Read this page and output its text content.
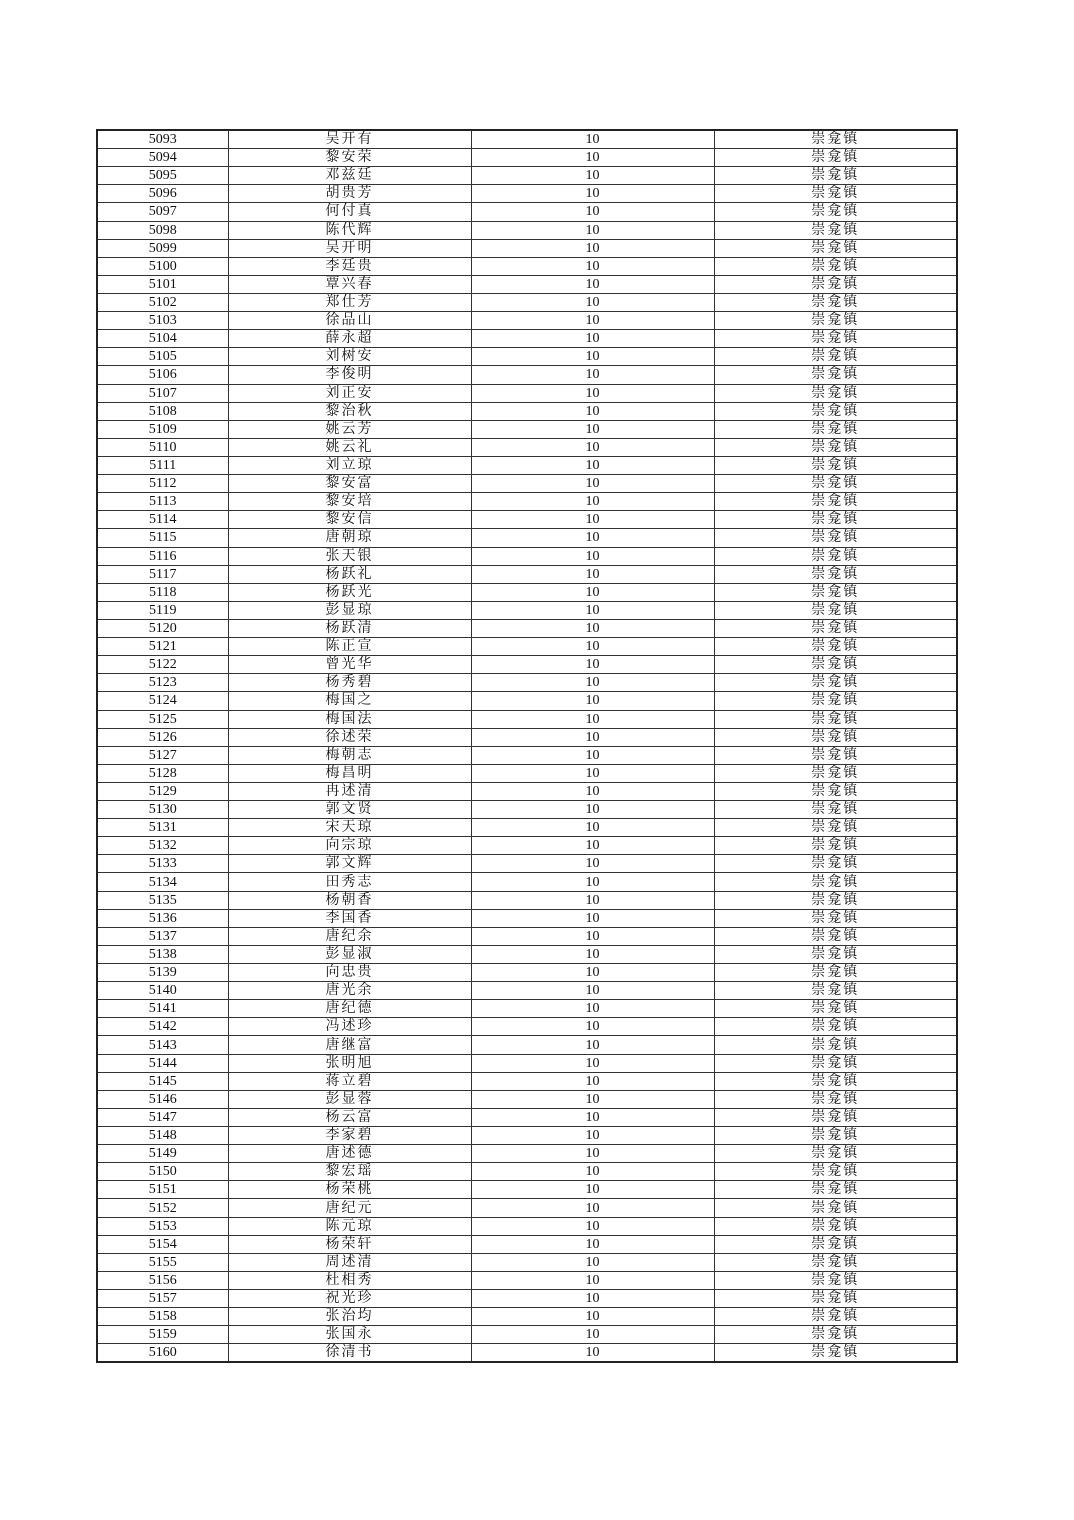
5093	吴开有	10	崇龛镇
5094	黎安荣	10	崇龛镇
5095	邓兹廷	10	崇龛镇
5096	胡贵芳	10	崇龛镇
5097	何付真	10	崇龛镇
5098	陈代辉	10	崇龛镇
5099	吴开明	10	崇龛镇
5100	李廷贵	10	崇龛镇
5101	覃兴春	10	崇龛镇
5102	郑仕芳	10	崇龛镇
5103	徐品山	10	崇龛镇
5104	薛永超	10	崇龛镇
5105	刘树安	10	崇龛镇
5106	李俊明	10	崇龛镇
5107	刘正安	10	崇龛镇
5108	黎治秋	10	崇龛镇
5109	姚云芳	10	崇龛镇
5110	姚云礼	10	崇龛镇
5111	刘立琼	10	崇龛镇
5112	黎安富	10	崇龛镇
5113	黎安培	10	崇龛镇
5114	黎安信	10	崇龛镇
5115	唐朝琼	10	崇龛镇
5116	张天银	10	崇龛镇
5117	杨跃礼	10	崇龛镇
5118	杨跃光	10	崇龛镇
5119	彭显琼	10	崇龛镇
5120	杨跃清	10	崇龛镇
5121	陈正宣	10	崇龛镇
5122	曾光华	10	崇龛镇
5123	杨秀碧	10	崇龛镇
5124	梅国之	10	崇龛镇
5125	梅国法	10	崇龛镇
5126	徐述荣	10	崇龛镇
5127	梅朝志	10	崇龛镇
5128	梅昌明	10	崇龛镇
5129	冉述清	10	崇龛镇
5130	郭文贤	10	崇龛镇
5131	宋天琼	10	崇龛镇
5132	向宗琼	10	崇龛镇
5133	郭文辉	10	崇龛镇
5134	田秀志	10	崇龛镇
5135	杨朝香	10	崇龛镇
5136	李国香	10	崇龛镇
5137	唐纪余	10	崇龛镇
5138	彭显淑	10	崇龛镇
5139	向忠贵	10	崇龛镇
5140	唐光余	10	崇龛镇
5141	唐纪德	10	崇龛镇
5142	冯述珍	10	崇龛镇
5143	唐继富	10	崇龛镇
5144	张明旭	10	崇龛镇
5145	蒋立碧	10	崇龛镇
5146	彭显蓉	10	崇龛镇
5147	杨云富	10	崇龛镇
5148	李家碧	10	崇龛镇
5149	唐述德	10	崇龛镇
5150	黎宏瑶	10	崇龛镇
5151	杨荣桃	10	崇龛镇
5152	唐纪元	10	崇龛镇
5153	陈元琼	10	崇龛镇
5154	杨荣轩	10	崇龛镇
5155	周述清	10	崇龛镇
5156	杜相秀	10	崇龛镇
5157	祝光珍	10	崇龛镇
5158	张治均	10	崇龛镇
5159	张国永	10	崇龛镇
5160	徐清书	10	崇龛镇
